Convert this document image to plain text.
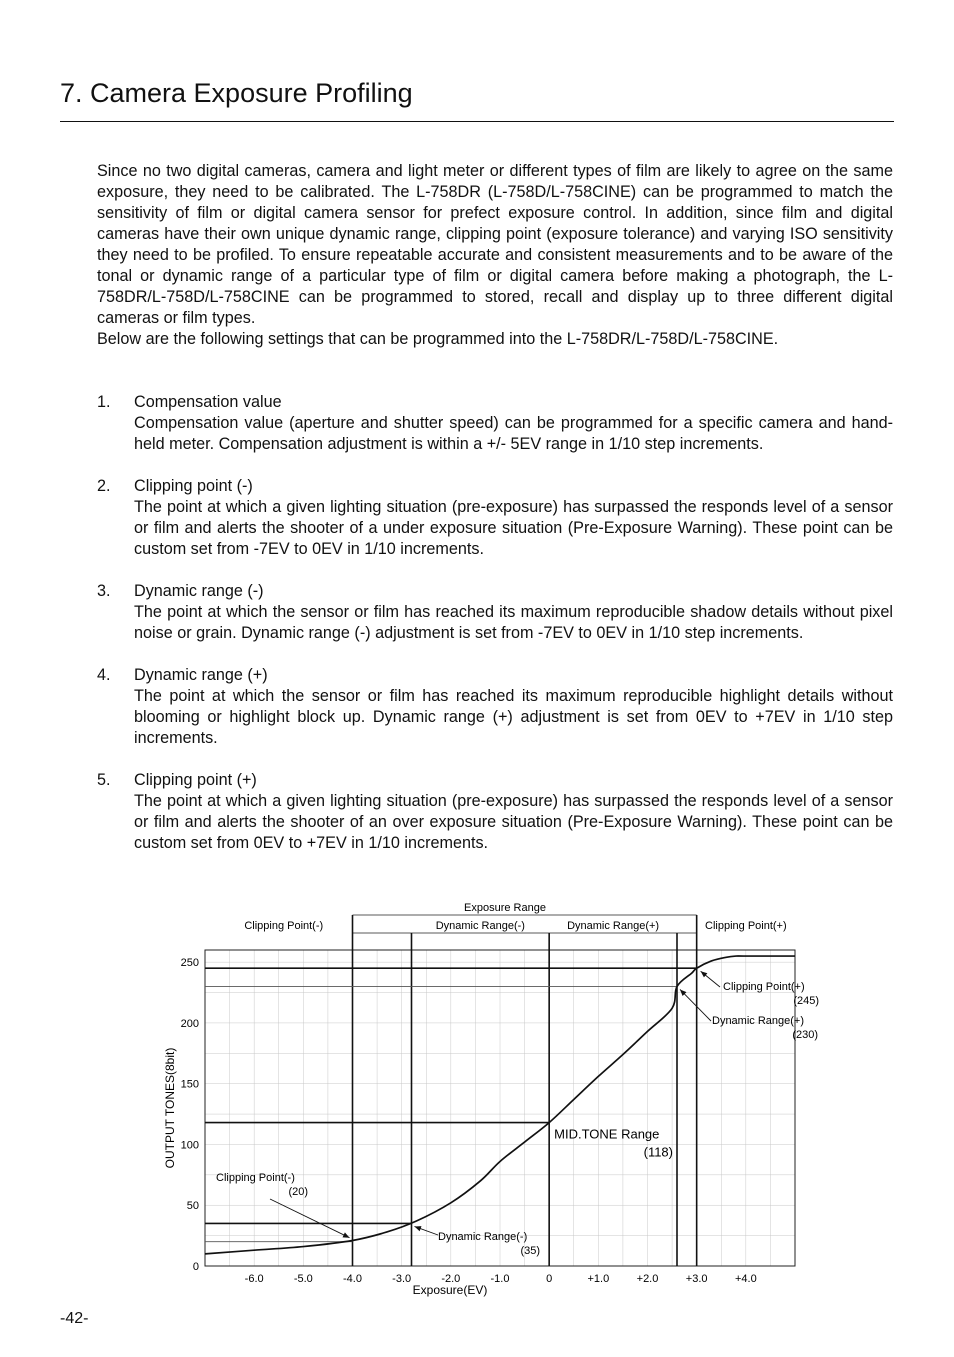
7. Camera Exposure Profiling

Since no two digital cameras, camera and light meter or different types of film are likely to agree on the same exposure, they need to be calibrated. The L-758DR (L-758D/L-758CINE) can be programmed to match the sensitivity of film or digital camera sensor for prefect exposure control. In addition, since film and digital cameras have their own unique dynamic range, clipping point (exposure tolerance) and varying ISO sensitivity they need to be profiled. To ensure repeatable accurate and consistent measurements and to be aware of the tonal or dynamic range of a particular type of film or digital camera before making a photograph, the L-758DR/L-758D/L-758CINE can be programmed to stored, recall and display up to three different digital cameras or film types.

Below are the following settings that can be programmed into the L-758DR/L-758D/L-758CINE.

1. Compensation value
Compensation value (aperture and shutter speed) can be programmed for a specific camera and hand-held meter. Compensation adjustment is within a +/- 5EV range in 1/10 step increments.
2. Clipping point (-)
The point at which a given lighting situation (pre-exposure) has surpassed the responds level of a sensor or film and alerts the shooter of a under exposure situation (Pre-Exposure Warning). These point can be custom set from -7EV to 0EV in 1/10 increments.
3. Dynamic range (-)
The point at which the sensor or film has reached its maximum reproducible shadow details without pixel noise or grain. Dynamic range (-) adjustment is set from -7EV to 0EV in 1/10 step increments.
4. Dynamic range (+)
The point at which the sensor or film has reached its maximum reproducible highlight details without blooming or highlight block up. Dynamic range (+) adjustment is set from 0EV to +7EV in 1/10 step increments.
5. Clipping point (+)
The point at which a given lighting situation (pre-exposure) has surpassed the responds level of a sensor or film and alerts the shooter of an over exposure situation (Pre-Exposure Warning). These point can be custom set from 0EV to +7EV in 1/10 increments.
Exposure Range
Clipping Point(-)	Dynamic Range(-)	Dynamic Range(+)	Clipping Point(+)
-6.0	-5.0	-4.0	-3.0	-2.0	-1.0	0	+1.0 +2.0 +3.0 +4.0
0
50
100
150
200
250
Exposure(EV)
OUTPUT TONES(8bit)
Clipping Point(-)
(20)
Dynamic Range(-)
(35)
MID.TONE Range
(118)
Dynamic Range(+)
(230)
Clipping Point(+)
(245)
-42-
